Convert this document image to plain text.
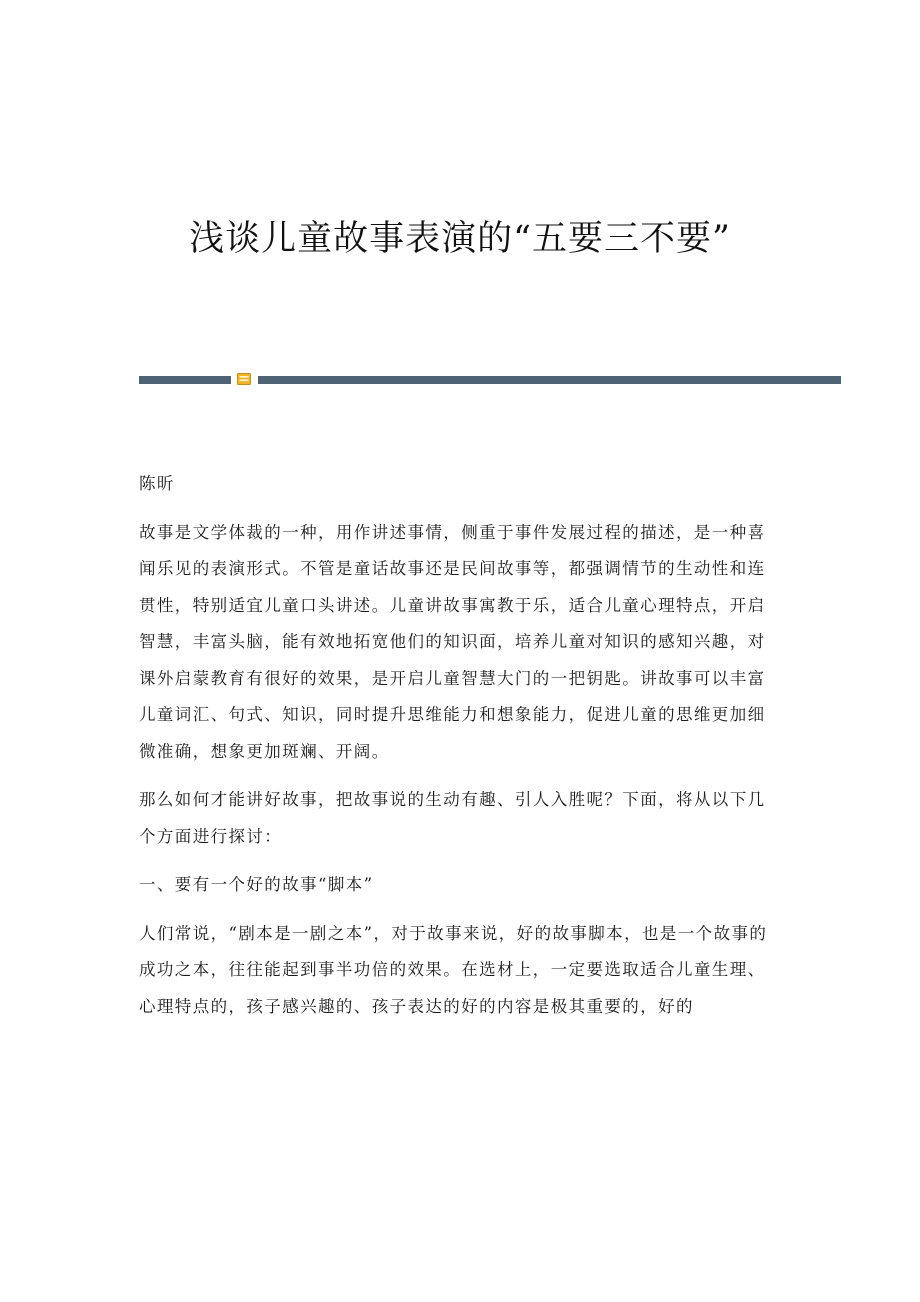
浅谈儿童故事表演的“五要三不要”

陈昕

故事是文学体裁的一种，用作讲述事情，侧重于事件发展过程的描述，是一种喜闻乐见的表演形式。不管是童话故事还是民间故事等，都强调情节的生动性和连贯性，特别适宜儿童口头讲述。儿童讲故事寓教于乐，适合儿童心理特点，开启智慧，丰富头脑，能有效地拓宽他们的知识面，培养儿童对知识的感知兴趣，对课外启蒙教育有很好的效果，是开启儿童智慧大门的一把钥匙。讲故事可以丰富儿童词汇、句式、知识，同时提升思维能力和想象能力，促进儿童的思维更加细微准确，想象更加斑斓、开阔。

那么如何才能讲好故事，把故事说的生动有趣、引人入胜呢？下面，将从以下几个方面进行探讨：

一、要有一个好的故事“脚本”

人们常说，“剧本是一剧之本”，对于故事来说，好的故事脚本，也是一个故事的成功之本，往往能起到事半功倍的效果。在选材上，一定要选取适合儿童生理、心理特点的，孩子感兴趣的、孩子表达的好的内容是极其重要的，好的
